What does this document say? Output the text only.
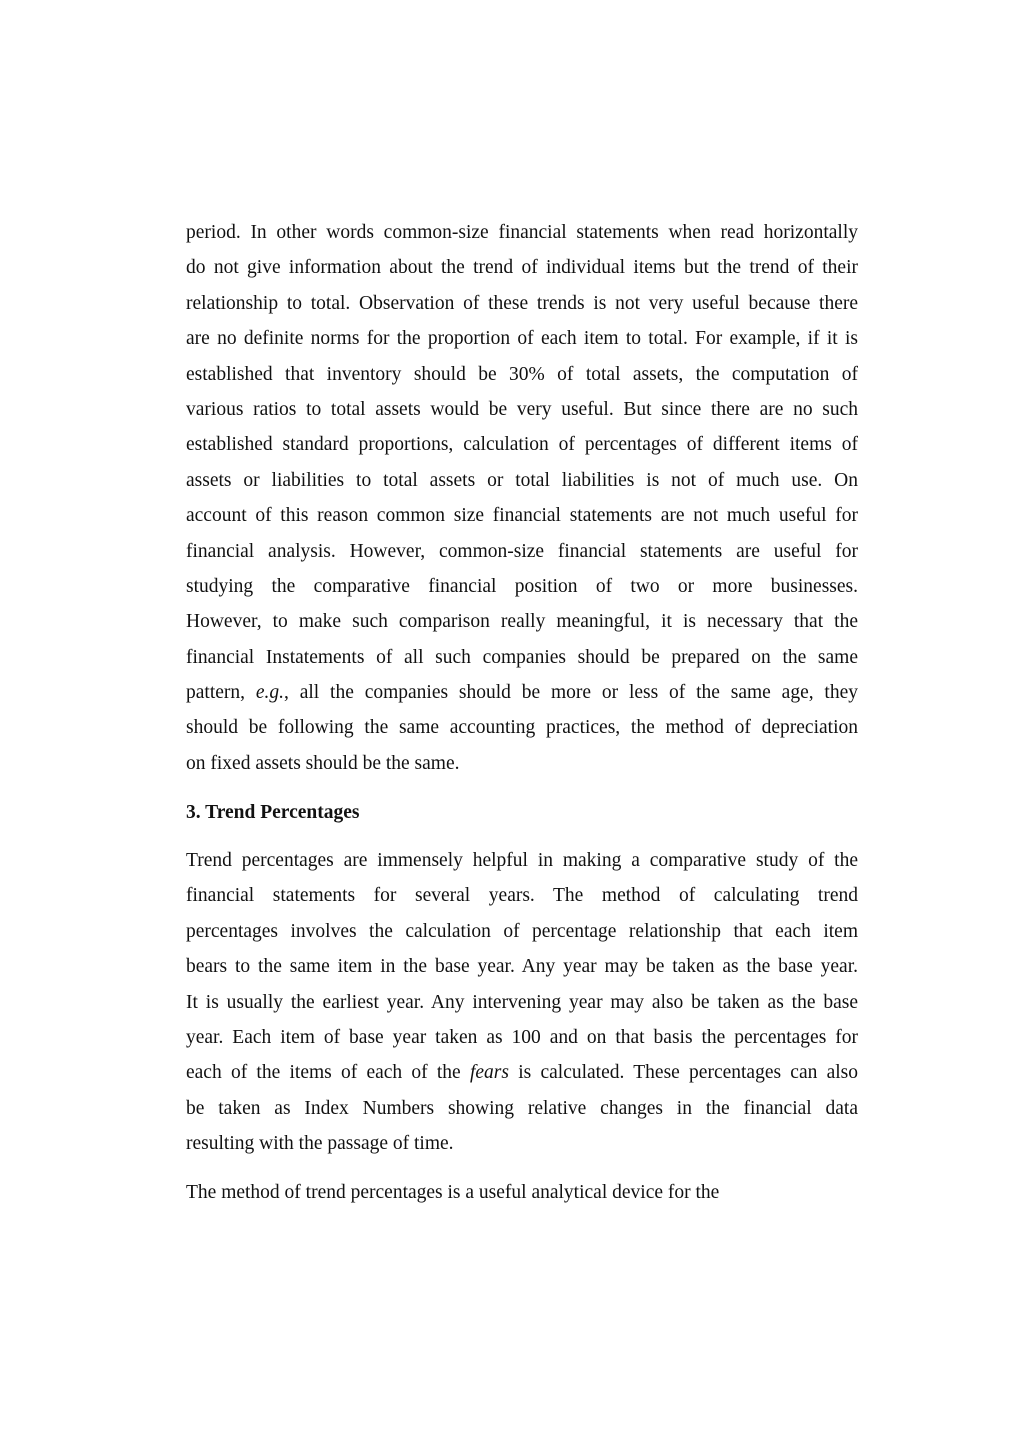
period. In other words common-size financial statements when read horizontally
do not give information about the trend of individual items but the trend of their
relationship to total. Observation of these trends is not very useful because there
are no definite norms for the proportion of each item to total. For example, if it is
established that inventory should be 30% of total assets, the computation of
various ratios to total assets would be very useful. But since there are no such
established standard proportions, calculation of percentages of different items of
assets or liabilities to total assets or total liabilities is not of much use. On
account of this reason common size financial statements are not much useful for
financial analysis. However, common-size financial statements are useful for
studying the comparative financial position of two or more businesses.
However, to make such comparison really meaningful, it is necessary that the
financial Instatements of all such companies should be prepared on the same
pattern, e.g., all the companies should be more or less of the same age, they
should be following the same accounting practices, the method of depreciation
on fixed assets should be the same.
3. Trend Percentages
Trend percentages are immensely helpful in making a comparative study of the
financial statements for several years. The method of calculating trend
percentages involves the calculation of percentage relationship that each item
bears to the same item in the base year. Any year may be taken as the base year.
It is usually the earliest year. Any intervening year may also be taken as the base
year. Each item of base year taken as 100 and on that basis the percentages for
each of the items of each of the fears is calculated. These percentages can also
be taken as Index Numbers showing relative changes in the financial data
resulting with the passage of time.
The method of trend percentages is a useful analytical device for the
